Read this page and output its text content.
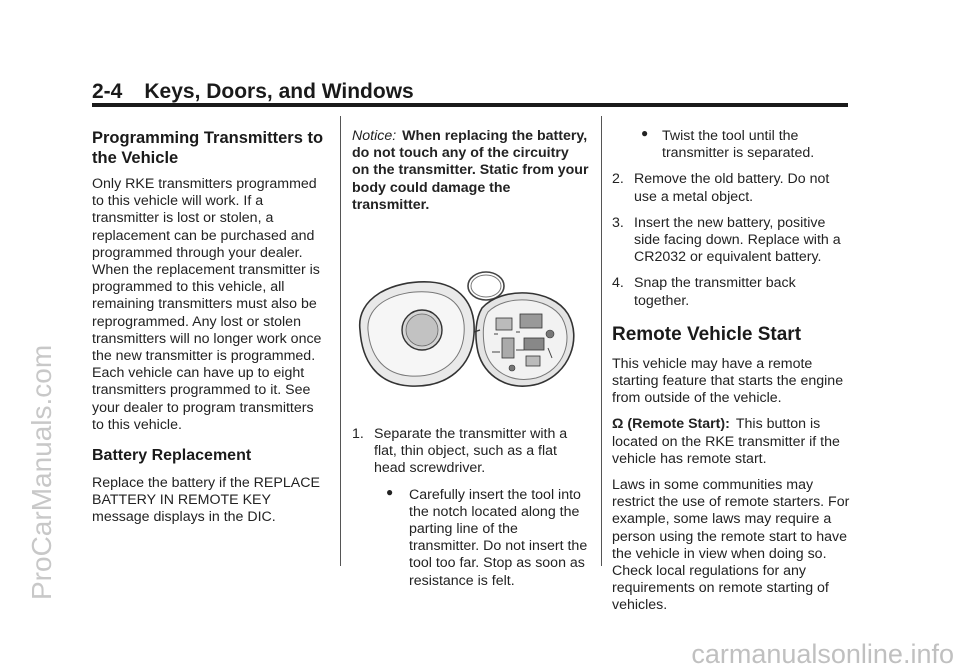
ProCarManuals.com
carmanualsonline.info
2-4 Keys, Doors, and Windows
Programming Transmitters to the Vehicle

Only RKE transmitters programmed to this vehicle will work. If a transmitter is lost or stolen, a replacement can be purchased and programmed through your dealer. When the replacement transmitter is programmed to this vehicle, all remaining transmitters must also be reprogrammed. Any lost or stolen transmitters will no longer work once the new transmitter is programmed. Each vehicle can have up to eight transmitters programmed to it. See your dealer to program transmitters to this vehicle.

Battery Replacement

Replace the battery if the REPLACE BATTERY IN REMOTE KEY message displays in the DIC.

Notice: When replacing the battery, do not touch any of the circuitry on the transmitter. Static from your body could damage the transmitter.

1. Separate the transmitter with a flat, thin object, such as a flat head screwdriver.
● Carefully insert the tool into the notch located along the parting line of the transmitter. Do not insert the tool too far. Stop as soon as resistance is felt.
● Twist the tool until the transmitter is separated.
2. Remove the old battery. Do not use a metal object.
3. Insert the new battery, positive side facing down. Replace with a CR2032 or equivalent battery.
4. Snap the transmitter back together.
Remote Vehicle Start

This vehicle may have a remote starting feature that starts the engine from outside of the vehicle.

Ω (Remote Start): This button is located on the RKE transmitter if the vehicle has remote start.

Laws in some communities may restrict the use of remote starters. For example, some laws may require a person using the remote start to have the vehicle in view when doing so. Check local regulations for any requirements on remote starting of vehicles.
